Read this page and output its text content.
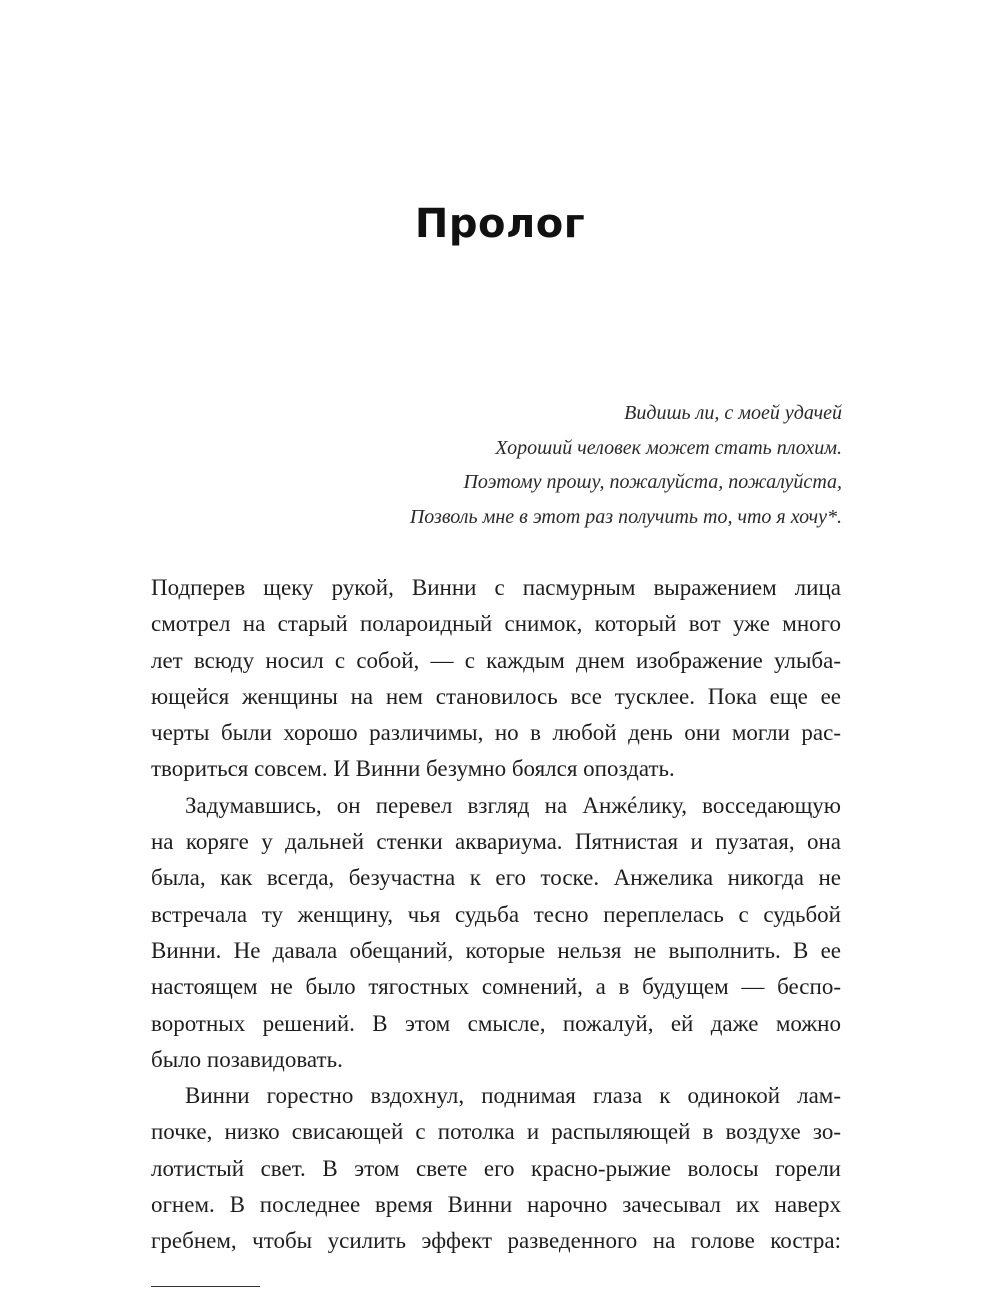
Пролог
Видишь ли, с моей удачей
Хороший человек может стать плохим.
Поэтому прошу, пожалуйста, пожалуйста,
Позволь мне в этот раз получить то, что я хочу*.
Подперев щеку рукой, Винни с пасмурным выражением лица
смотрел на старый полароидный снимок, который вот уже много
лет всюду носил с собой, — с каждым днем изображение улыба-
ющейся женщины на нем становилось все тусклее. Пока еще ее
черты были хорошо различимы, но в любой день они могли рас-
твориться совсем. И Винни безумно боялся опоздать.
Задумавшись, он перевел взгляд на Анжéлику, восседающую
на коряге у дальней стенки аквариума. Пятнистая и пузатая, она
была, как всегда, безучастна к его тоске. Анжелика никогда не
встречала ту женщину, чья судьба тесно переплелась с судьбой
Винни. Не давала обещаний, которые нельзя не выполнить. В ее
настоящем не было тягостных сомнений, а в будущем — беспо-
воротных решений. В этом смысле, пожалуй, ей даже можно
было позавидовать.
Винни горестно вздохнул, поднимая глаза к одинокой лам-
почке, низко свисающей с потолка и распыляющей в воздухе зо-
лотистый свет. В этом свете его красно-рыжие волосы горели
огнем. В последнее время Винни нарочно зачесывал их наверх
гребнем, чтобы усилить эффект разведенного на голове костра:
